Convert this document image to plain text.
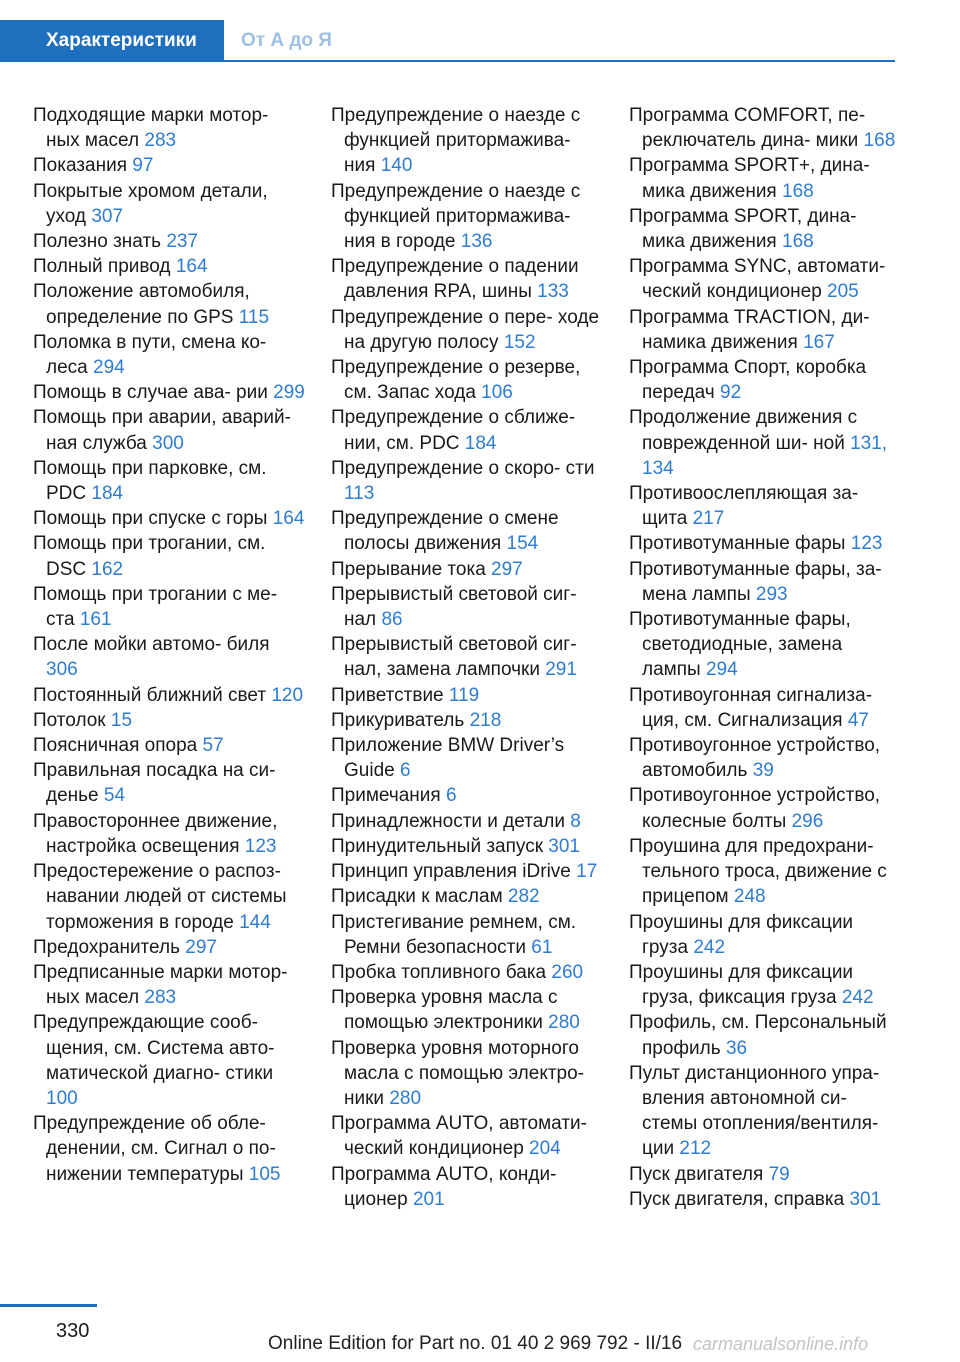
Характеристики	От А до Я
Подходящие марки мотор‐ ных масел 283
Показания 97
Покрытые хромом детали, уход 307
Полезно знать 237
Полный привод 164
Положение автомобиля, определение по GPS 115
Поломка в пути, смена ко‐ леса 294
Помощь в случае ава‐ рии 299
Помощь при аварии, аварий‐ ная служба 300
Помощь при парковке, см. PDC 184
Помощь при спуске с горы 164
Помощь при трогании, см. DSC 162
Помощь при трогании с ме‐ ста 161
После мойки автомо‐ биля 306
Постоянный ближний свет 120
Потолок 15
Поясничная опора 57
Правильная посадка на си‐ денье 54
Правостороннее движение, настройка освещения 123
Предостережение о распоз‐ навании людей от системы торможения в городе 144
Предохранитель 297
Предписанные марки мотор‐ ных масел 283
Предупреждающие сооб‐ щения, см. Система авто‐ матической диагно‐ стики 100
Предупреждение об обле‐ денении, см. Сигнал о по‐ нижении температуры 105
Предупреждение о наезде с функцией притормажива‐ ния 140
Предупреждение о наезде с функцией притормажива‐ ния в городе 136
Предупреждение о падении давления RPA, шины 133
Предупреждение о пере‐ ходе на другую полосу 152
Предупреждение о резерве, см. Запас хода 106
Предупреждение о сближе‐ нии, см. PDC 184
Предупреждение о скоро‐ сти 113
Предупреждение о смене полосы движения 154
Прерывание тока 297
Прерывистый световой сиг‐ нал 86
Прерывистый световой сиг‐ нал, замена лампочки 291
Приветствие 119
Прикуриватель 218
Приложение BMW Driver’s Guide 6
Примечания 6
Принадлежности и детали 8
Принудительный запуск 301
Принцип управления iDrive 17
Присадки к маслам 282
Пристегивание ремнем, см. Ремни безопасности 61
Пробка топливного бака 260
Проверка уровня масла с помощью электроники 280
Проверка уровня моторного масла с помощью электро‐ ники 280
Программа AUTO, автомати‐ ческий кондиционер 204
Программа AUTO, конди‐ ционер 201
Программа COMFORT, пе‐ реключатель дина‐ мики 168
Программа SPORT+, дина‐ мика движения 168
Программа SPORT, дина‐ мика движения 168
Программа SYNC, автомати‐ ческий кондиционер 205
Программа TRACTION, ди‐ намика движения 167
Программа Спорт, коробка передач 92
Продолжение движения с поврежденной ши‐ ной 131, 134
Противоослепляющая за‐ щита 217
Противотуманные фары 123
Противотуманные фары, за‐ мена лампы 293
Противотуманные фары, светодиодные, замена лампы 294
Противоугонная сигнализа‐ ция, см. Сигнализация 47
Противоугонное устройство, автомобиль 39
Противоугонное устройство, колесные болты 296
Проушина для предохрани‐ тельного троса, движение с прицепом 248
Проушины для фиксации груза 242
Проушины для фиксации груза, фиксация груза 242
Профиль, см. Персональный профиль 36
Пульт дистанционного упра‐ вления автономной си‐ стемы отопления/вентиля‐ ции 212
Пуск двигателя 79
Пуск двигателя, справка 301
330
Online Edition for Part no. 01 40 2 969 792 - II/16 carmanualsonline.info
